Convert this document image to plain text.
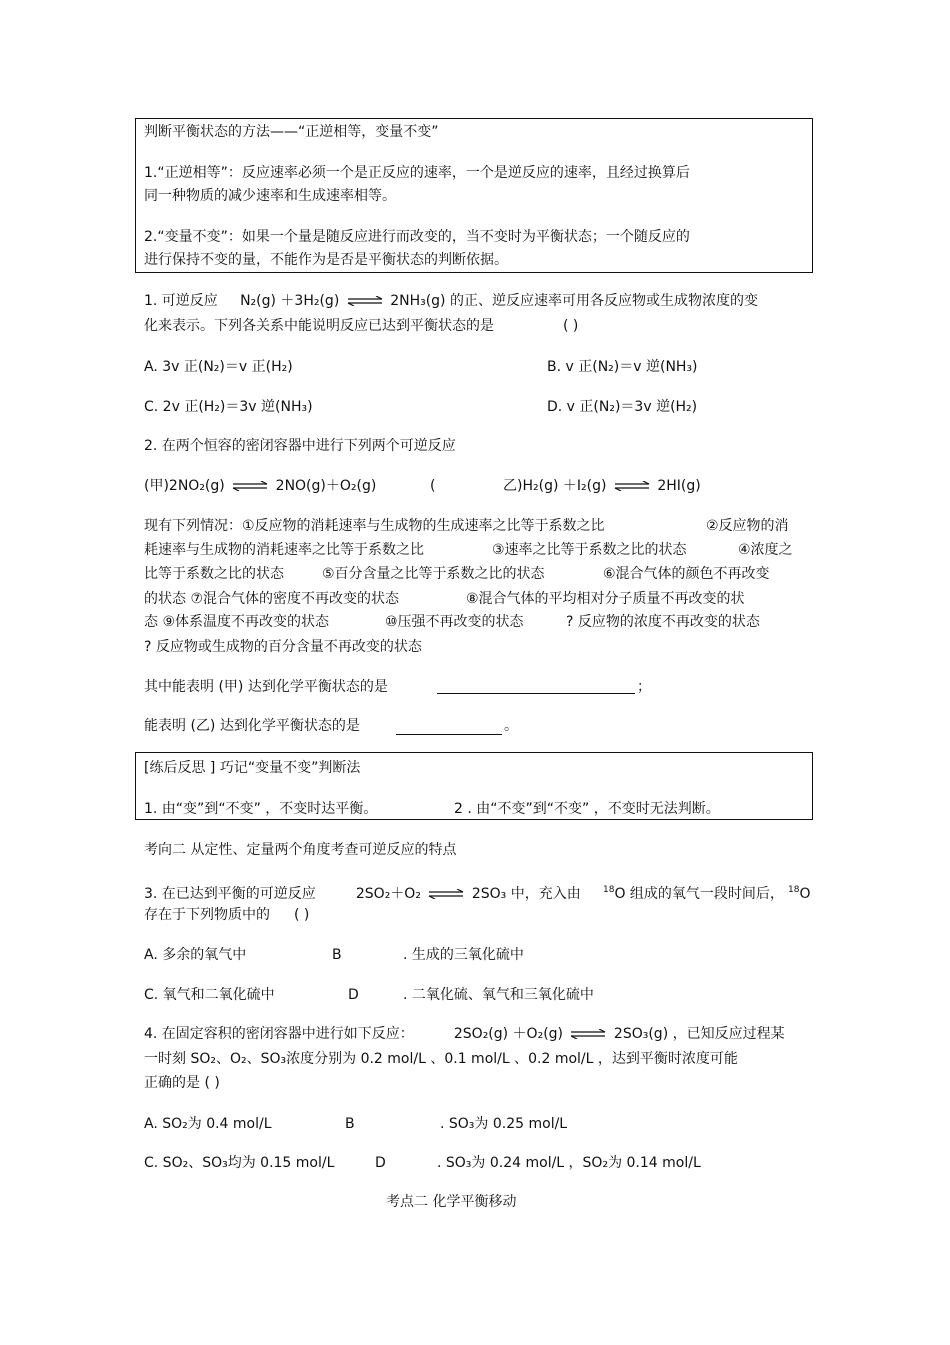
判断平衡状态的方法——“正逆相等，变量不变”
1.“正逆相等”：反应速率必须一个是正反应的速率，一个是逆反应的速率，且经过换算后
同一种物质的减少速率和生成速率相等。
2.“变量不变”：如果一个量是随反应进行而改变的，当不变时为平衡状态；一个随反应的
进行保持不变的量，不能作为是否是平衡状态的判断依据。
1. 可逆反应 N₂(g) ＋3H₂(g) ⇌ 2NH₃(g) 的正、逆反应速率可用各反应物或生成物浓度的变
化来表示。下列各关系中能说明反应已达到平衡状态的是	( )
A. 3v 正(N₂)＝v 正(H₂)	B. v 正(N₂)＝v 逆(NH₃)
C. 2v 正(H₂)＝3v 逆(NH₃)	D. v 正(N₂)＝3v 逆(H₂)
2. 在两个恒容的密闭容器中进行下列两个可逆反应
(甲)2NO₂(g) ⇌ 2NO(g)＋O₂(g)	(	乙)H₂(g) ＋I₂(g) ⇌ 2HI(g)
现有下列情况：①反应物的消耗速率与生成物的生成速率之比等于系数之比	②反应物的消
耗速率与生成物的消耗速率之比等于系数之比	③速率之比等于系数之比的状态	④浓度之
比等于系数之比的状态	⑤百分含量之比等于系数之比的状态	⑥混合气体的颜色不再改变
的状态 ⑦混合气体的密度不再改变的状态	⑧混合气体的平均相对分子质量不再改变的状
态 ⑨体系温度不再改变的状态	⑩压强不再改变的状态	? 反应物的浓度不再改变的状态
? 反应物或生成物的百分含量不再改变的状态
其中能表明 (甲) 达到化学平衡状态的是	；
能表明 (乙) 达到化学平衡状态的是	。
[练后反思 ] 巧记“变量不变”判断法
1. 由“变”到“不变” ，不变时达平衡。	2 . 由“不变”到“不变” ，不变时无法判断。
考向二 从定性、定量两个角度考查可逆反应的特点
3. 在已达到平衡的可逆反应	2SO₂＋O₂ ⇌ 2SO₃ 中，充入由 $^{18}$O 组成的氧气一段时间后， $^{18}$O
存在于下列物质中的 ( )
A. 多余的氧气中	B	. 生成的三氧化硫中
C. 氧气和二氧化硫中	D	. 二氧化硫、氧气和三氧化硫中
4. 在固定容积的密闭容器中进行如下反应：	2SO₂(g) ＋O₂(g) ⇌ 2SO₃(g) ，已知反应过程某
一时刻 SO₂、O₂、SO₃浓度分别为 0.2 mol/L 、0.1 mol/L 、0.2 mol/L ，达到平衡时浓度可能
正确的是 ( )
A. SO₂为 0.4 mol/L	B	. SO₃为 0.25 mol/L
C. SO₂、SO₃均为 0.15 mol/L	D	. SO₃为 0.24 mol/L ，SO₂为 0.14 mol/L
考点二 化学平衡移动
